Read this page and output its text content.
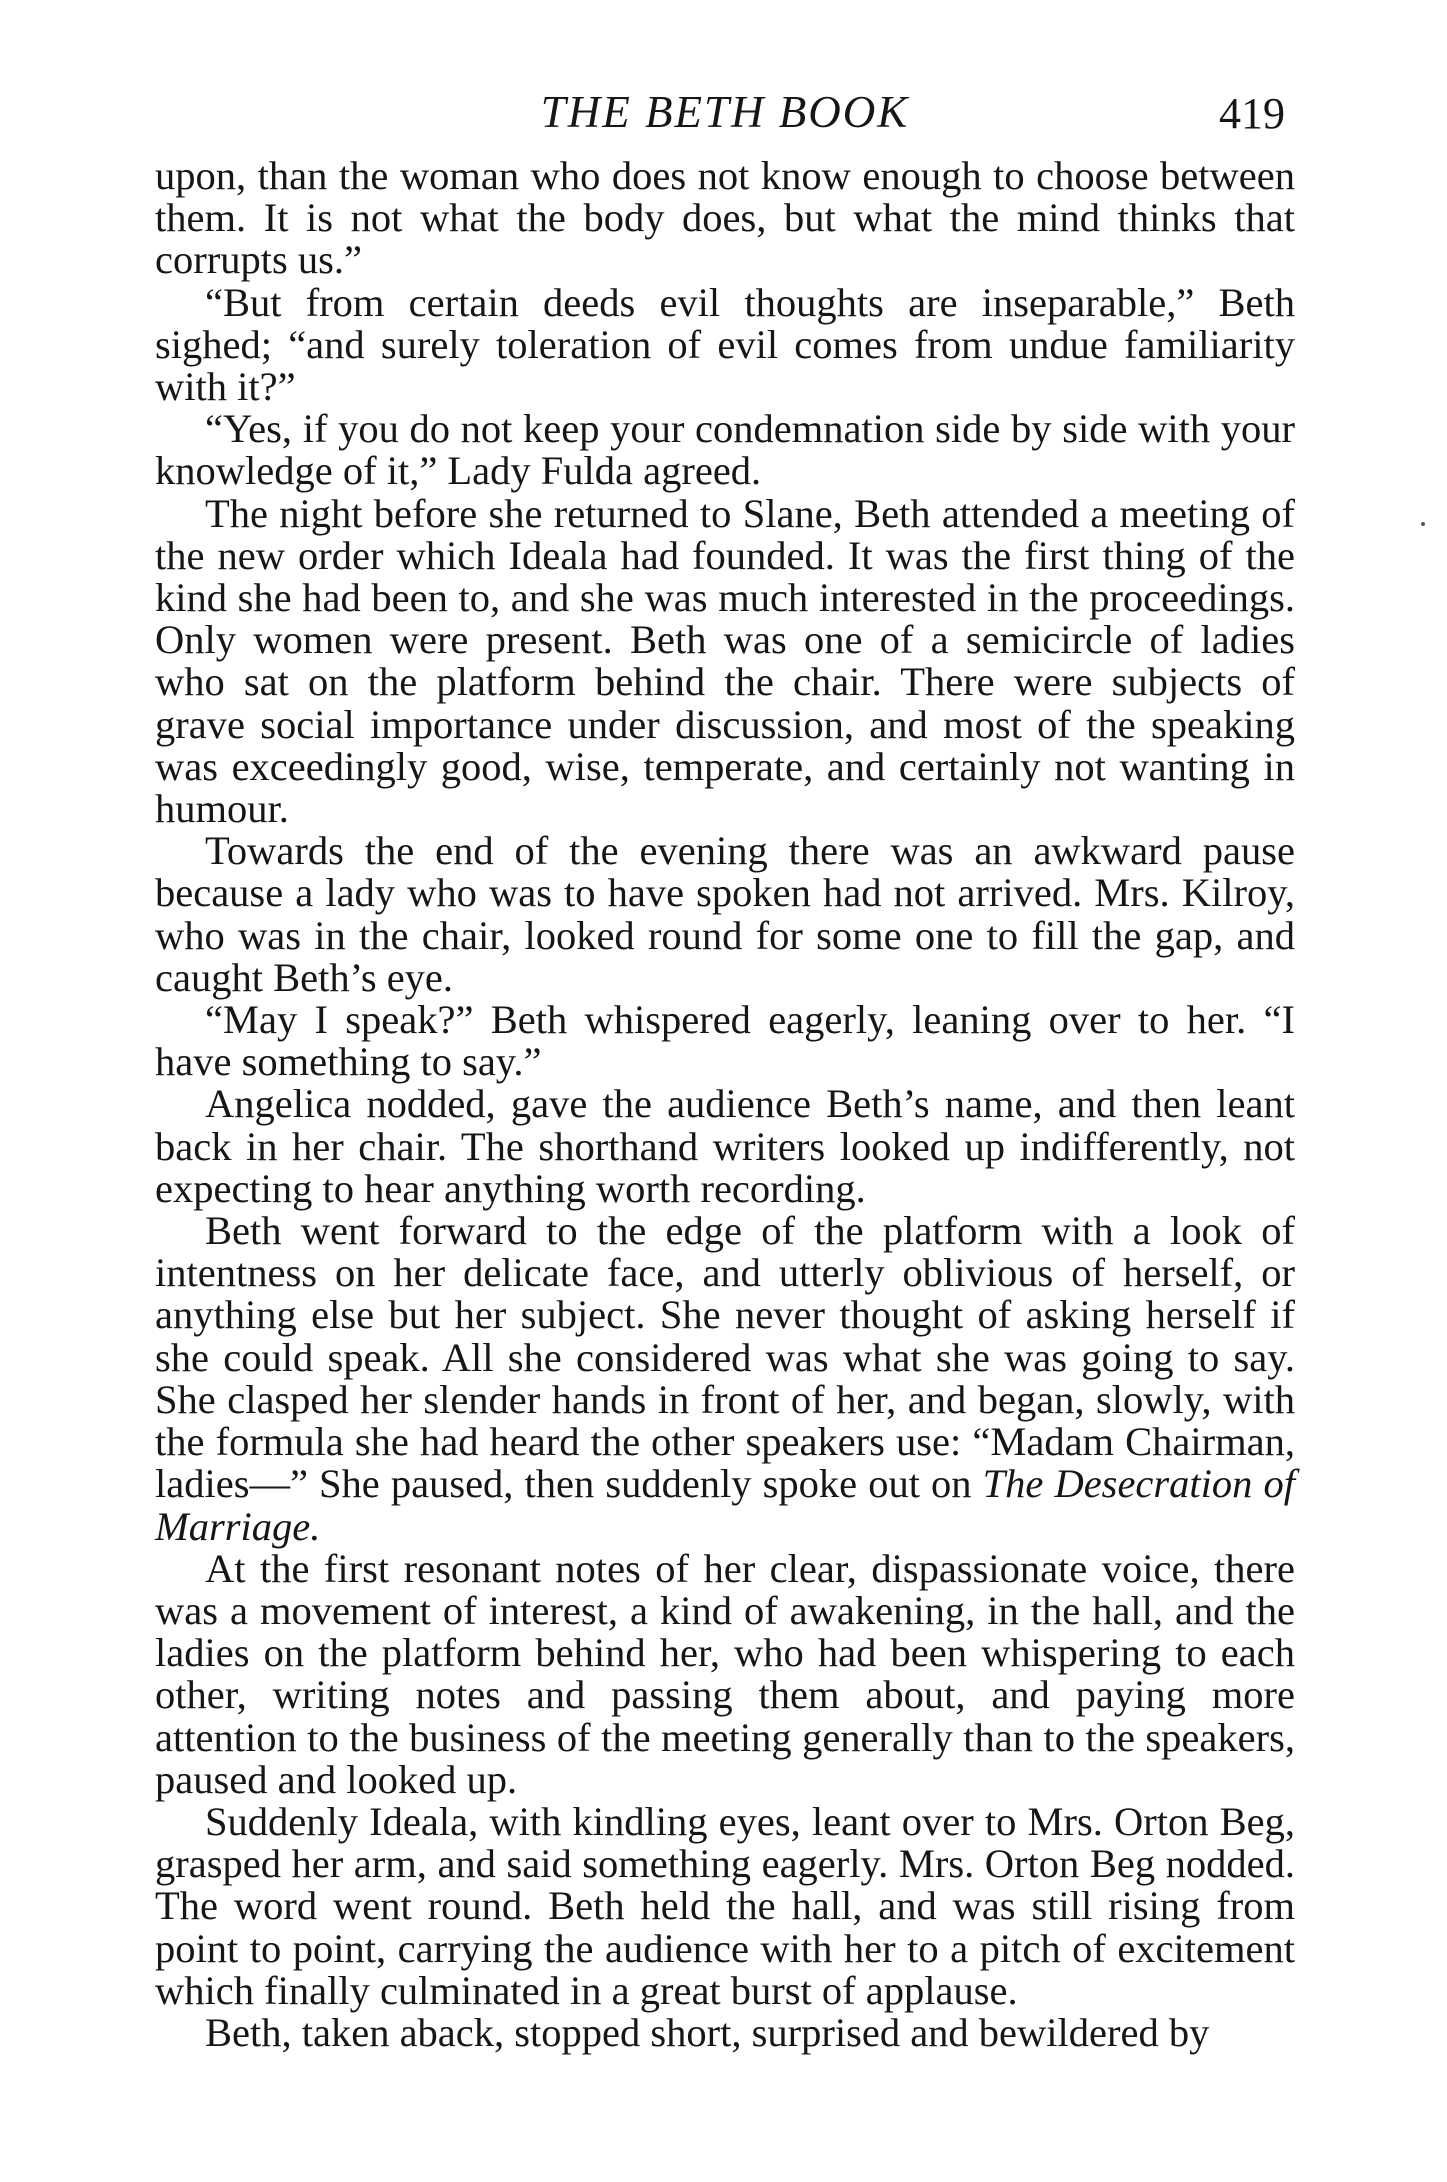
THE BETH BOOK	419

upon, than the woman who does not know enough to choose between them. It is not what the body does, but what the mind thinks that corrupts us.”

“But from certain deeds evil thoughts are inseparable,” Beth sighed; “and surely toleration of evil comes from undue familiarity with it?”

“Yes, if you do not keep your condemnation side by side with your knowledge of it,” Lady Fulda agreed.

The night before she returned to Slane, Beth attended a meeting of the new order which Ideala had founded. It was the first thing of the kind she had been to, and she was much interested in the proceedings. Only women were present. Beth was one of a semicircle of ladies who sat on the platform behind the chair. There were subjects of grave social importance under discussion, and most of the speaking was exceedingly good, wise, temperate, and certainly not wanting in humour.

Towards the end of the evening there was an awkward pause because a lady who was to have spoken had not arrived. Mrs. Kilroy, who was in the chair, looked round for some one to fill the gap, and caught Beth’s eye.

“May I speak?” Beth whispered eagerly, leaning over to her. “I have something to say.”

Angelica nodded, gave the audience Beth’s name, and then leant back in her chair. The shorthand writers looked up indifferently, not expecting to hear anything worth recording.

Beth went forward to the edge of the platform with a look of intentness on her delicate face, and utterly oblivious of herself, or anything else but her subject. She never thought of asking herself if she could speak. All she considered was what she was going to say. She clasped her slender hands in front of her, and began, slowly, with the formula she had heard the other speakers use: “Madam Chairman, ladies—” She paused, then suddenly spoke out on The Desecration of Marriage.

At the first resonant notes of her clear, dispassionate voice, there was a movement of interest, a kind of awakening, in the hall, and the ladies on the platform behind her, who had been whispering to each other, writing notes and passing them about, and paying more attention to the business of the meeting generally than to the speakers, paused and looked up.

Suddenly Ideala, with kindling eyes, leant over to Mrs. Orton Beg, grasped her arm, and said something eagerly. Mrs. Orton Beg nodded. The word went round. Beth held the hall, and was still rising from point to point, carrying the audience with her to a pitch of excitement which finally culminated in a great burst of applause.

Beth, taken aback, stopped short, surprised and bewildered by
